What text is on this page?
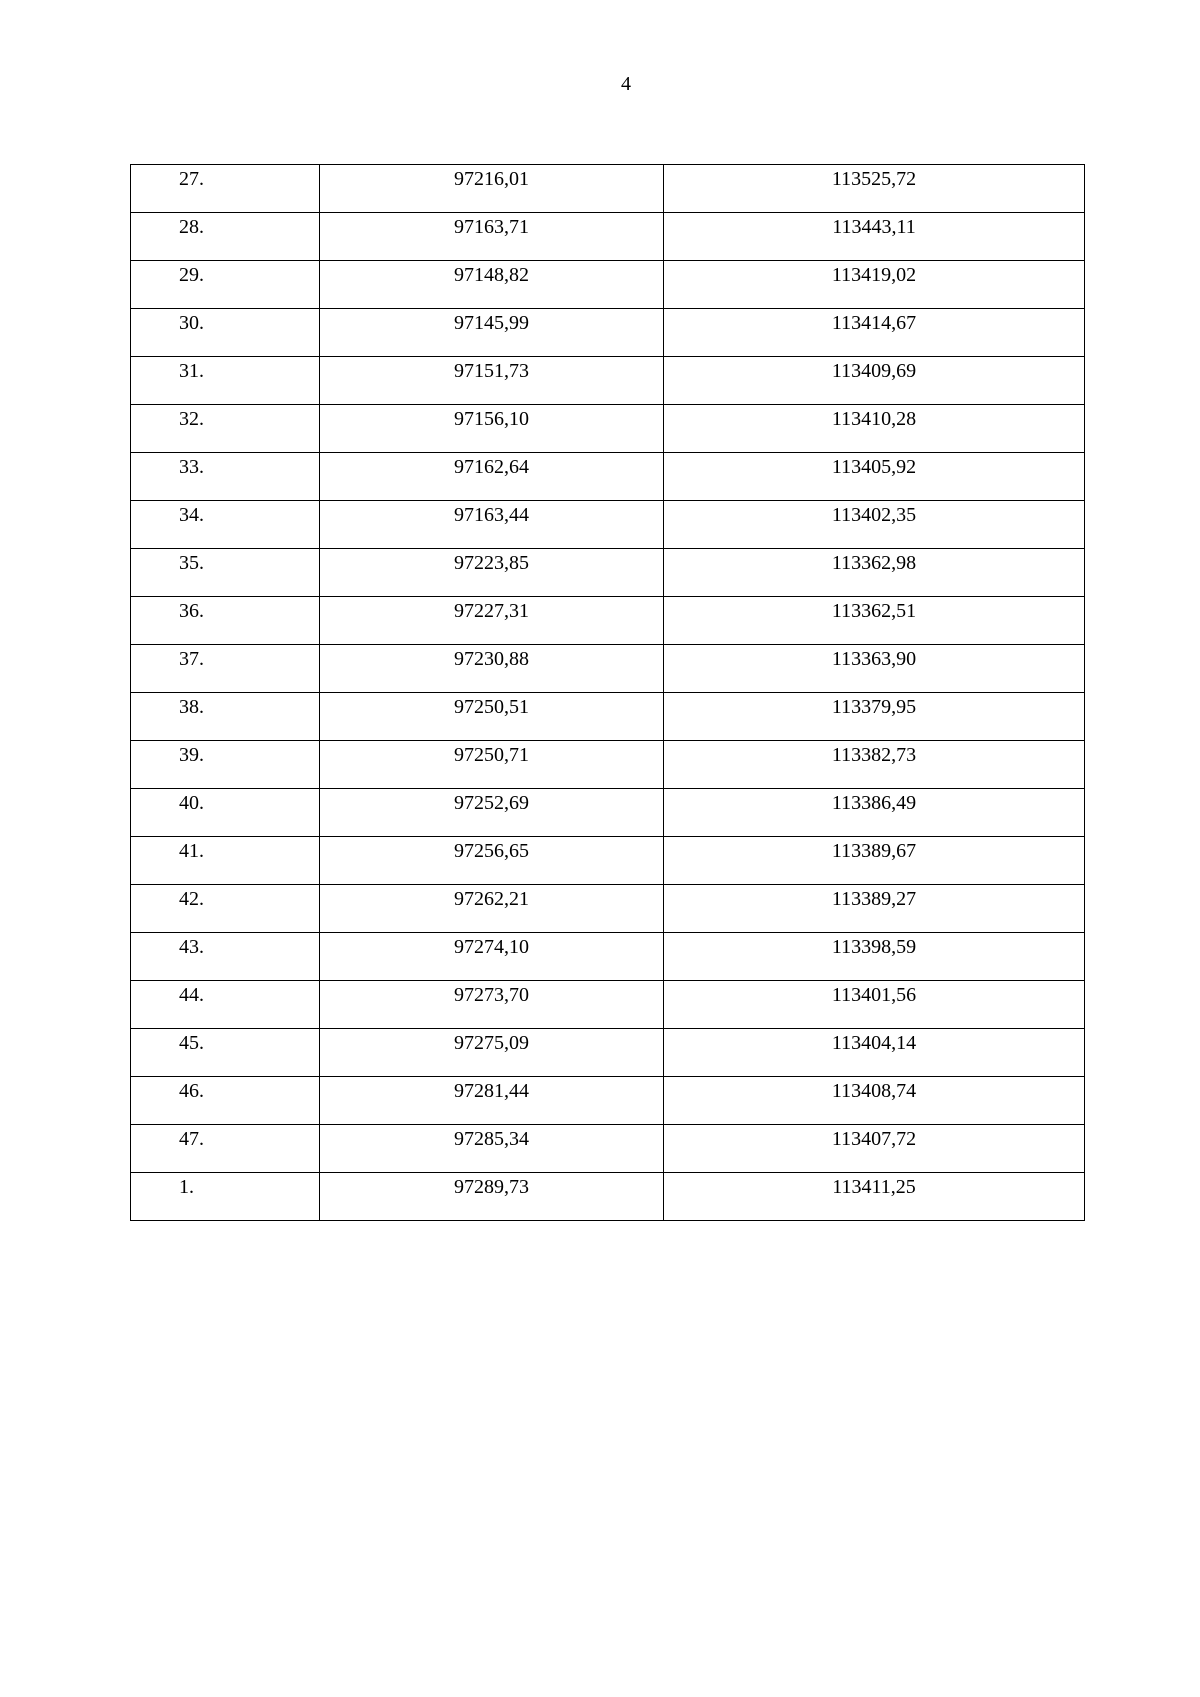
4
27.	97216,01	113525,72

28.	97163,71	113443,11

29.	97148,82	113419,02

30.	97145,99	113414,67

31.	97151,73	113409,69

32.	97156,10	113410,28

33.	97162,64	113405,92

34.	97163,44	113402,35

35.	97223,85	113362,98

36.	97227,31	113362,51

37.	97230,88	113363,90

38.	97250,51	113379,95

39.	97250,71	113382,73

40.	97252,69	113386,49

41.	97256,65	113389,67

42.	97262,21	113389,27

43.	97274,10	113398,59

44.	97273,70	113401,56

45.	97275,09	113404,14

46.	97281,44	113408,74

47.	97285,34	113407,72

1.	97289,73	113411,25
